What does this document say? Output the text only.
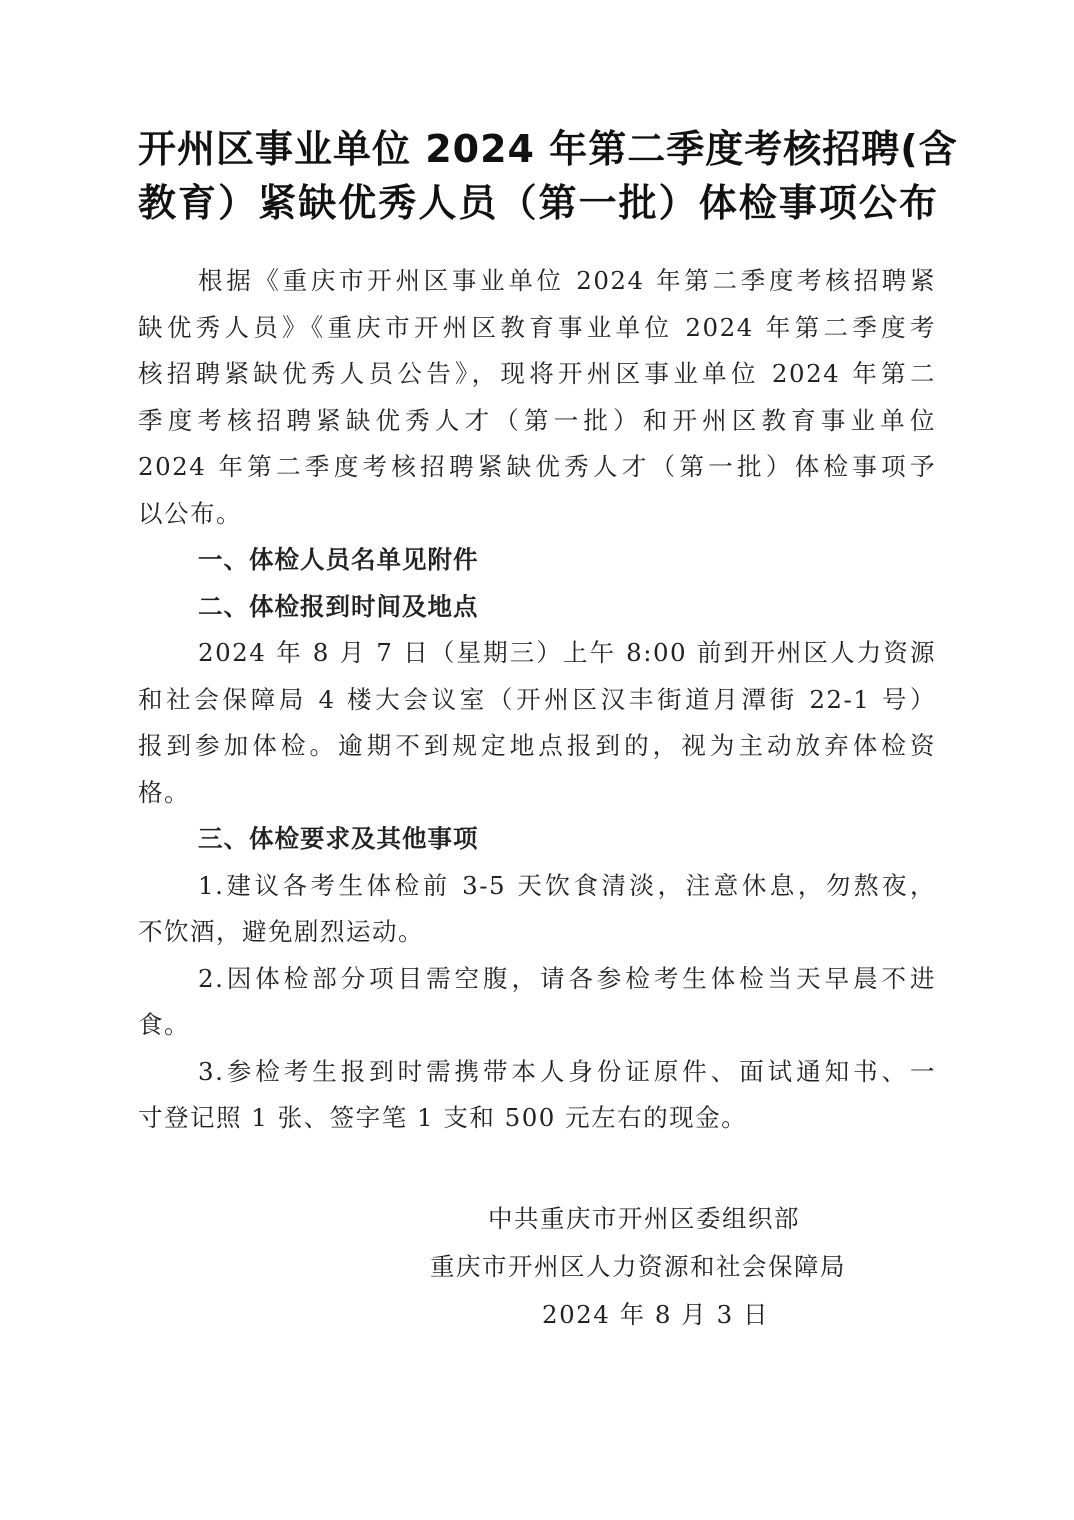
开州区事业单位 2024 年第二季度考核招聘(含
教育）紧缺优秀人员（第一批）体检事项公布
根据《重庆市开州区事业单位 2024 年第二季度考核招聘紧
缺优秀人员》《重庆市开州区教育事业单位 2024 年第二季度考
核招聘紧缺优秀人员公告》，现将开州区事业单位 2024 年第二
季度考核招聘紧缺优秀人才（第一批）和开州区教育事业单位
2024 年第二季度考核招聘紧缺优秀人才（第一批）体检事项予
以公布。
一、体检人员名单见附件
二、体检报到时间及地点
2024 年 8 月 7 日（星期三）上午 8:00 前到开州区人力资源
和社会保障局 4 楼大会议室（开州区汉丰街道月潭街 22-1 号）
报到参加体检。逾期不到规定地点报到的，视为主动放弃体检资
格。
三、体检要求及其他事项
1.建议各考生体检前 3-5 天饮食清淡，注意休息，勿熬夜，
不饮酒，避免剧烈运动。
2.因体检部分项目需空腹，请各参检考生体检当天早晨不进
食。
3.参检考生报到时需携带本人身份证原件、面试通知书、一
寸登记照 1 张、签字笔 1 支和 500 元左右的现金。
中共重庆市开州区委组织部
重庆市开州区人力资源和社会保障局
2024 年 8 月 3 日
